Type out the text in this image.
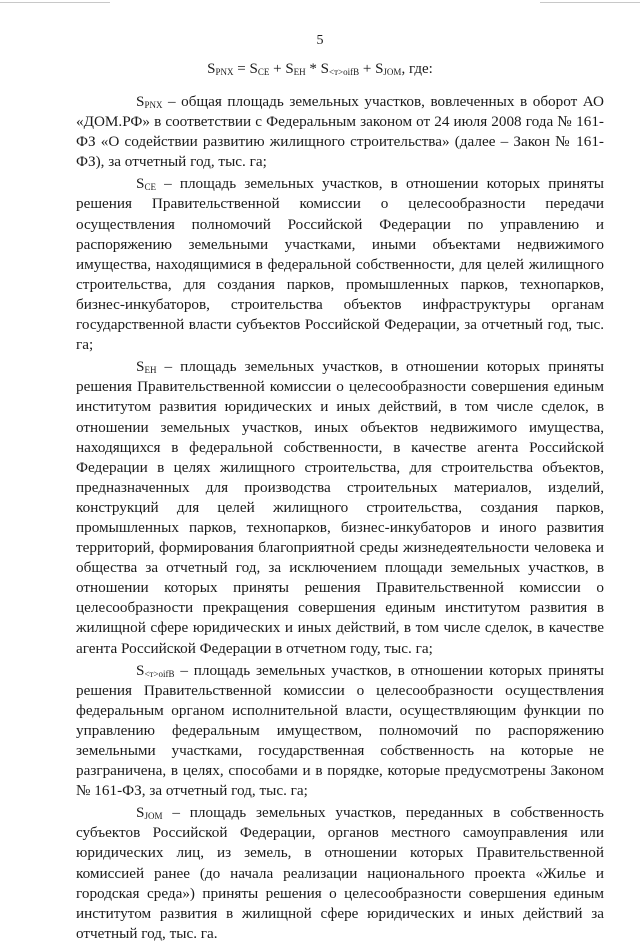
5
$S_{PNX} = S_{CE} + S_{EH} * S_{<т>oifВ} + S_{JOM}$, где:

$S_{PNX}$ – общая площадь земельных участков, вовлеченных в оборот АО «ДОМ.РФ» в соответствии с Федеральным законом от 24 июля 2008 года № 161-ФЗ «О содействии развитию жилищного строительства» (далее – Закон № 161-ФЗ), за отчетный год, тыс. га;

$S_{CE}$ – площадь земельных участков, в отношении которых приняты решения Правительственной комиссии о целесообразности передачи осуществления полномочий Российской Федерации по управлению и распоряжению земельными участками, иными объектами недвижимого имущества, находящимися в федеральной собственности, для целей жилищного строительства, для создания парков, промышленных парков, технопарков, бизнес-инкубаторов, строительства объектов инфраструктуры органам государственной власти субъектов Российской Федерации, за отчетный год, тыс. га;

$S_{EH}$ – площадь земельных участков, в отношении которых приняты решения Правительственной комиссии о целесообразности совершения единым институтом развития юридических и иных действий, в том числе сделок, в отношении земельных участков, иных объектов недвижимого имущества, находящихся в федеральной собственности, в качестве агента Российской Федерации в целях жилищного строительства, для строительства объектов, предназначенных для производства строительных материалов, изделий, конструкций для целей жилищного строительства, создания парков, промышленных парков, технопарков, бизнес-инкубаторов и иного развития территорий, формирования благоприятной среды жизнедеятельности человека и общества за отчетный год, за исключением площади земельных участков, в отношении которых приняты решения Правительственной комиссии о целесообразности прекращения совершения единым институтом развития в жилищной сфере юридических и иных действий, в том числе сделок, в качестве агента Российской Федерации в отчетном году, тыс. га;

$S_{<т>oifВ}$ – площадь земельных участков, в отношении которых приняты решения Правительственной комиссии о целесообразности осуществления федеральным органом исполнительной власти, осуществляющим функции по управлению федеральным имуществом, полномочий по распоряжению земельными участками, государственная собственность на которые не разграничена, в целях, способами и в порядке, которые предусмотрены Законом № 161-ФЗ, за отчетный год, тыс. га;

$S_{JOM}$ – площадь земельных участков, переданных в собственность субъектов Российской Федерации, органов местного самоуправления или юридических лиц, из земель, в отношении которых Правительственной комиссией ранее (до начала реализации национального проекта «Жилье и городская среда») приняты решения о целесообразности совершения единым институтом развития в жилищной сфере юридических и иных действий за отчетный год, тыс. га.
